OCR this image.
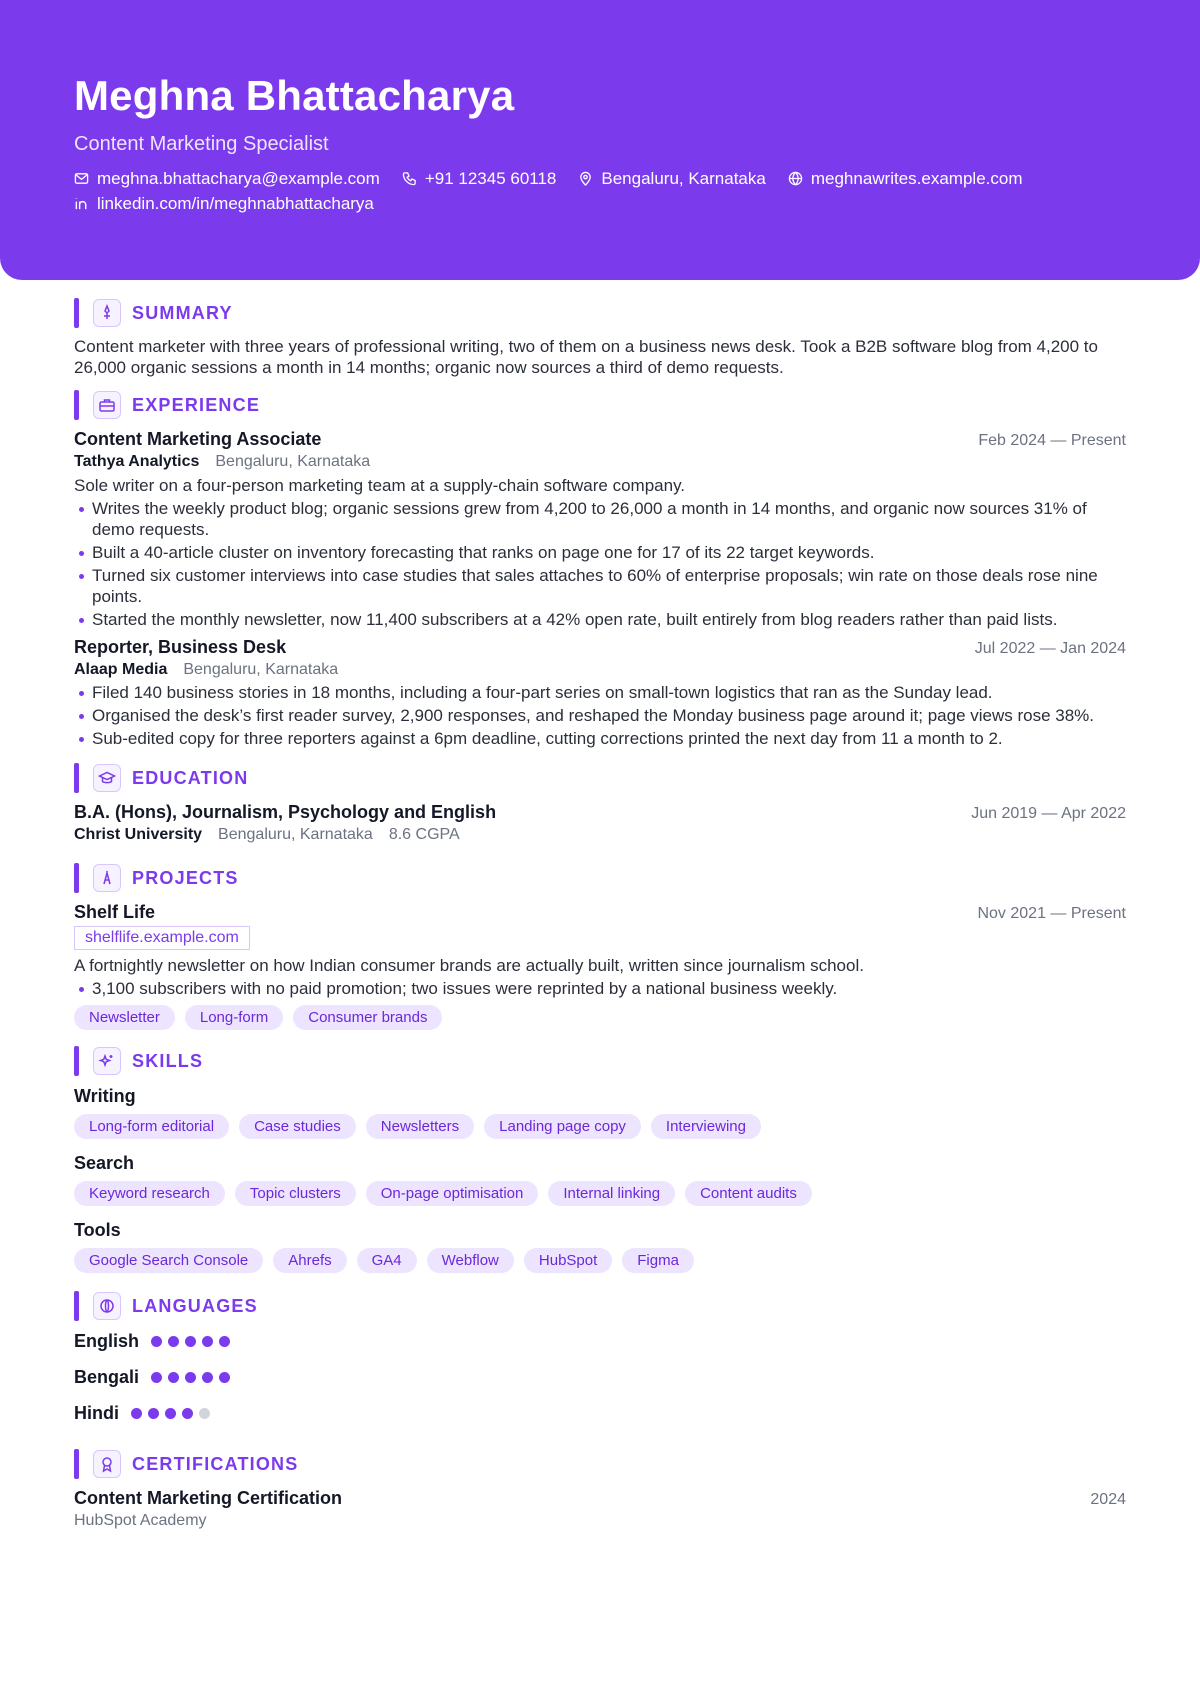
Meghna Bhattacharya
Content Marketing Specialist
meghna.bhattacharya@example.com	+91 12345 60118	Bengaluru, Karnataka	meghnawrites.example.com
linkedin.com/in/meghnabhattacharya
SUMMARY
Content marketer with three years of professional writing, two of them on a business news desk. Took a B2B software blog from 4,200 to 26,000 organic sessions a month in 14 months; organic now sources a third of demo requests.
EXPERIENCE
Content Marketing Associate	Feb 2024 — Present
Tathya Analytics Bengaluru, Karnataka
Sole writer on a four-person marketing team at a supply-chain software company.
Writes the weekly product blog; organic sessions grew from 4,200 to 26,000 a month in 14 months, and organic now sources 31% of demo requests.
Built a 40-article cluster on inventory forecasting that ranks on page one for 17 of its 22 target keywords.
Turned six customer interviews into case studies that sales attaches to 60% of enterprise proposals; win rate on those deals rose nine points.
Started the monthly newsletter, now 11,400 subscribers at a 42% open rate, built entirely from blog readers rather than paid lists.
Reporter, Business Desk	Jul 2022 — Jan 2024
Alaap Media Bengaluru, Karnataka
Filed 140 business stories in 18 months, including a four-part series on small-town logistics that ran as the Sunday lead.
Organised the desk’s first reader survey, 2,900 responses, and reshaped the Monday business page around it; page views rose 38%.
Sub-edited copy for three reporters against a 6pm deadline, cutting corrections printed the next day from 11 a month to 2.
EDUCATION
B.A. (Hons), Journalism, Psychology and English	Jun 2019 — Apr 2022
Christ University Bengaluru, Karnataka 8.6 CGPA
PROJECTS
Shelf Life	Nov 2021 — Present
shelflife.example.com
A fortnightly newsletter on how Indian consumer brands are actually built, written since journalism school.
3,100 subscribers with no paid promotion; two issues were reprinted by a national business weekly.
Newsletter	Long-form	Consumer brands
SKILLS
Writing
Long-form editorial	Case studies	Newsletters	Landing page copy	Interviewing
Search
Keyword research	Topic clusters	On-page optimisation	Internal linking	Content audits
Tools
Google Search Console	Ahrefs	GA4	Webflow	HubSpot	Figma
LANGUAGES
English
Bengali
Hindi
CERTIFICATIONS
Content Marketing Certification	2024
HubSpot Academy
